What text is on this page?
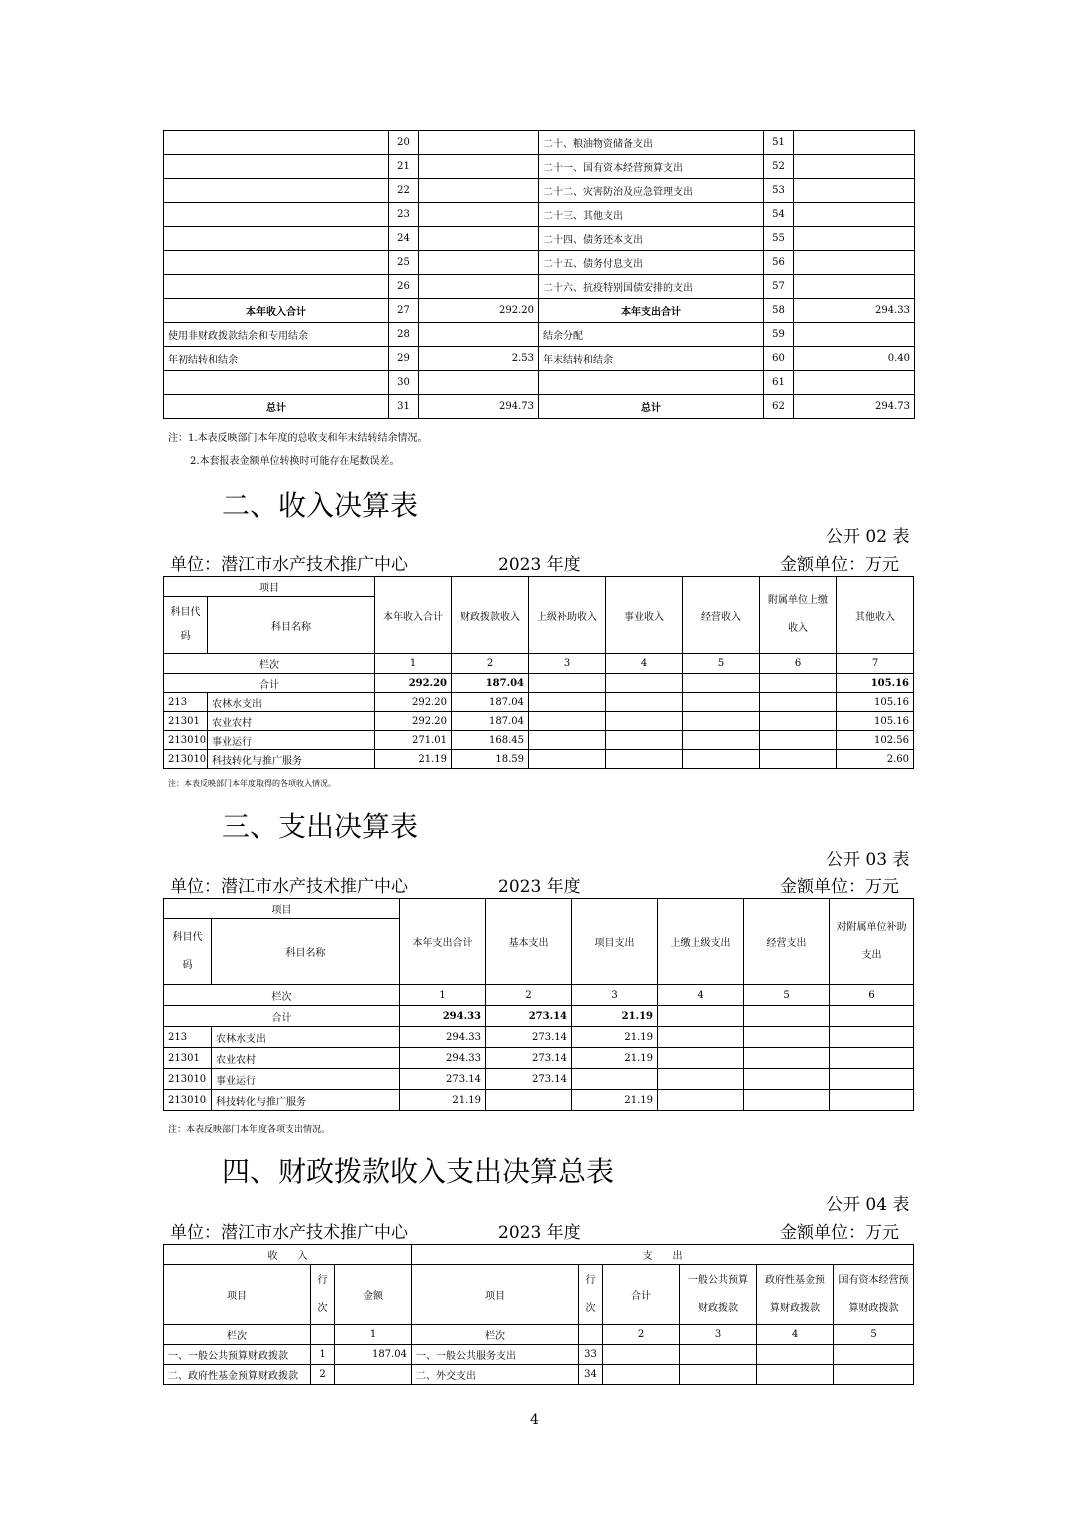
	20		二十、粮油物资储备支出	51	
	21		二十一、国有资本经营预算支出	52	
	22		二十二、灾害防治及应急管理支出	53	
	23		二十三、其他支出	54	
	24		二十四、债务还本支出	55	
	25		二十五、债务付息支出	56	
	26		二十六、抗疫特别国债安排的支出	57	
本年收入合计	27	292.20	本年支出合计	58	294.33
使用非财政拨款结余和专用结余	28		结余分配	59	
年初结转和结余	29	2.53	年末结转和结余	60	0.40
	30			61	
总计	31	294.73	总计	62	294.73
注：1.本表反映部门本年度的总收支和年末结转结余情况。
2.本套报表金额单位转换时可能存在尾数误差。
二、收入决算表
公开 02 表
单位：潜江市水产技术推广中心	2023 年度	金额单位：万元
项目		本年收入合计	财政拨款收入	上级补助收入	事业收入	经营收入	附属单位上缴收入	其他收入
科目代码	科目名称							
栏次		1	2	3	4	5	6	7
合计		292.20	187.04					105.16
213	农林水支出	292.20	187.04					105.16
21301	农业农村	292.20	187.04					105.16
213010	事业运行	271.01	168.45					102.56
213010	科技转化与推广服务	21.19	18.59					2.60
注：本表反映部门本年度取得的各项收入情况。
三、支出决算表
公开 03 表
单位：潜江市水产技术推广中心	2023 年度	金额单位：万元
项目		本年支出合计	基本支出	项目支出	上缴上级支出	经营支出	对附属单位补助支出
科目代码	科目名称						
栏次		1	2	3	4	5	6
合计		294.33	273.14	21.19			
213	农林水支出	294.33	273.14	21.19			
21301	农业农村	294.33	273.14	21.19			
213010	事业运行	273.14	273.14				
213010	科技转化与推广服务	21.19		21.19			
注：本表反映部门本年度各项支出情况。
四、财政拨款收入支出决算总表
公开 04 表
单位：潜江市水产技术推广中心	2023 年度	金额单位：万元
收　　入			支　　出					
项目	行次	金额	项目	行次	合计	一般公共预算财政拨款	政府性基金预算财政拨款	国有资本经营预算财政拨款
栏次		1	栏次		2	3	4	5
一、一般公共预算财政拨款	1	187.04	一、一般公共服务支出	33				
二、政府性基金预算财政拨款	2		二、外交支出	34				
4
